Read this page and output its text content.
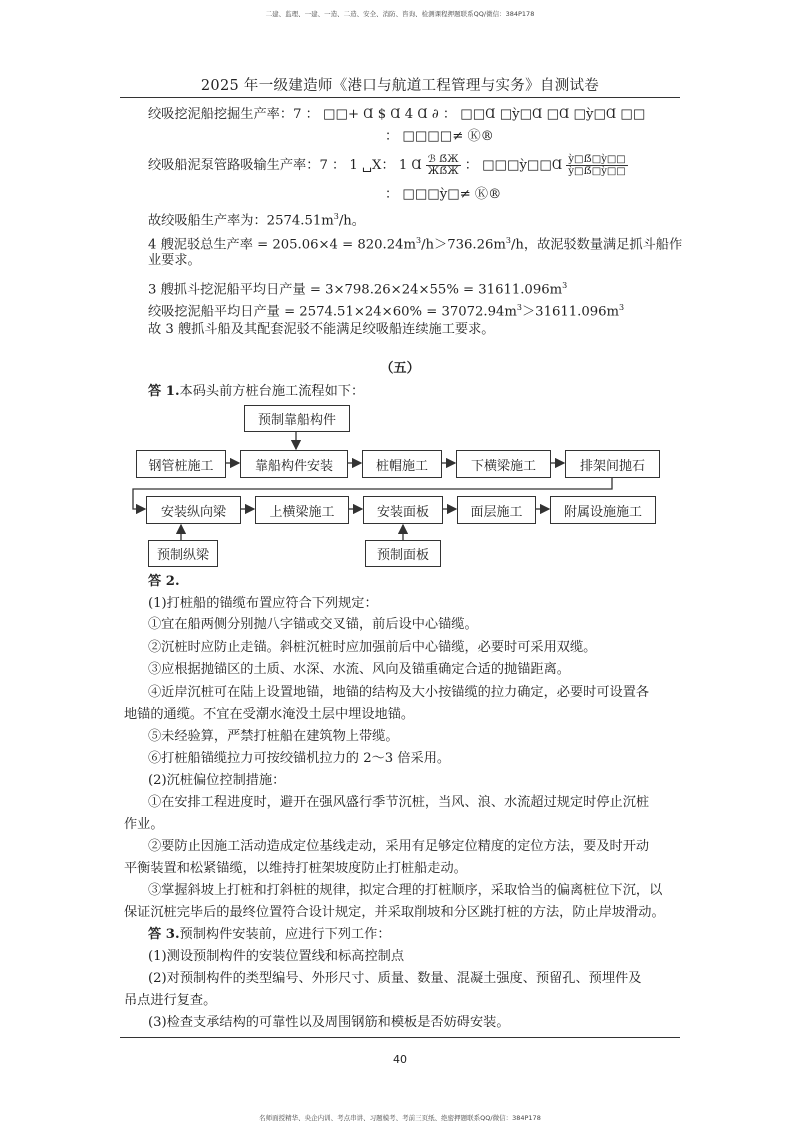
二建、监理、一建、一造、二造、安全、消防、咨询、检测课程押题联系QQ/微信：384P178
2025 年一级建造师《港口与航道工程管理与实务》自测试卷
绞吸挖泥船挖掘生产率：7 ： □□+ Ɑ $ Ɑ 4 Ɑ ∂ ： □□Ɑ □ỳ□Ɑ □Ɑ □ỳ□Ɑ □□
： □□□□≠ Ⓚ®
绞吸船泥泵管路吸输生产率：7 ： 1 ␣X： 1 Ɑ $\frac{\text{ℬ ẞЖ}}{\text{ЖẞЖ}}$ ： □□□ỳ□□Ɑ $\frac{\text{ỳ□ẞ□ỳ□□}}{\text{ỳ□ẞ□ỳ□□}}$
： □□□ỳ□≠ Ⓚ®
故绞吸船生产率为：$2574.51m^3/h$。
4 艘泥驳总生产率 = $205.06\times 4 = 820.24m^3/h>736.26m^3/h$，故泥驳数量满足抓斗船作
业要求。
3 艘抓斗挖泥船平均日产量 = $3\times 798.26\times 24\times 55\% = 31611.096m^3$
绞吸挖泥船平均日产量 = $2574.51\times 24\times 60\% = 37072.94m^3>31611.096m^3$
故 3 艘抓斗船及其配套泥驳不能满足绞吸船连续施工要求。
（五）
答 1.本码头前方桩台施工流程如下：
预制靠船构件
钢管桩施工	靠船构件安装	桩帽施工	下横梁施工	排架间抛石
安装纵向梁	上横梁施工	安装面板	面层施工	附属设施施工
预制纵梁	预制面板
答 2.
(1)打桩船的锚缆布置应符合下列规定：
①宜在船两侧分别抛八字锚或交叉锚，前后设中心锚缆。
②沉桩时应防止走锚。斜桩沉桩时应加强前后中心锚缆，必要时可采用双缆。
③应根据抛锚区的土质、水深、水流、风向及锚重确定合适的抛锚距离。
④近岸沉桩可在陆上设置地锚，地锚的结构及大小按锚缆的拉力确定，必要时可设置各
地锚的通缆。不宜在受潮水淹没土层中埋设地锚。
⑤未经验算，严禁打桩船在建筑物上带缆。
⑥打桩船锚缆拉力可按绞锚机拉力的 2～3 倍采用。
(2)沉桩偏位控制措施：
①在安排工程进度时，避开在强风盛行季节沉桩，当风、浪、水流超过规定时停止沉桩
作业。
②要防止因施工活动造成定位基线走动，采用有足够定位精度的定位方法，要及时开动
平衡装置和松紧锚缆，以维持打桩架坡度防止打桩船走动。
③掌握斜坡上打桩和打斜桩的规律，拟定合理的打桩顺序，采取恰当的偏离桩位下沉，以
保证沉桩完毕后的最终位置符合设计规定，并采取削坡和分区跳打桩的方法，防止岸坡滑动。
答 3.预制构件安装前，应进行下列工作：
(1)测设预制构件的安装位置线和标高控制点
(2)对预制构件的类型编号、外形尺寸、质量、数量、混凝土强度、预留孔、预埋件及
吊点进行复查。
(3)检查支承结构的可靠性以及周围钢筋和模板是否妨碍安装。
40
名师面授精华、央企内训、考点串讲、习题模考、考前三页纸、绝密押题联系QQ/微信：384P178
